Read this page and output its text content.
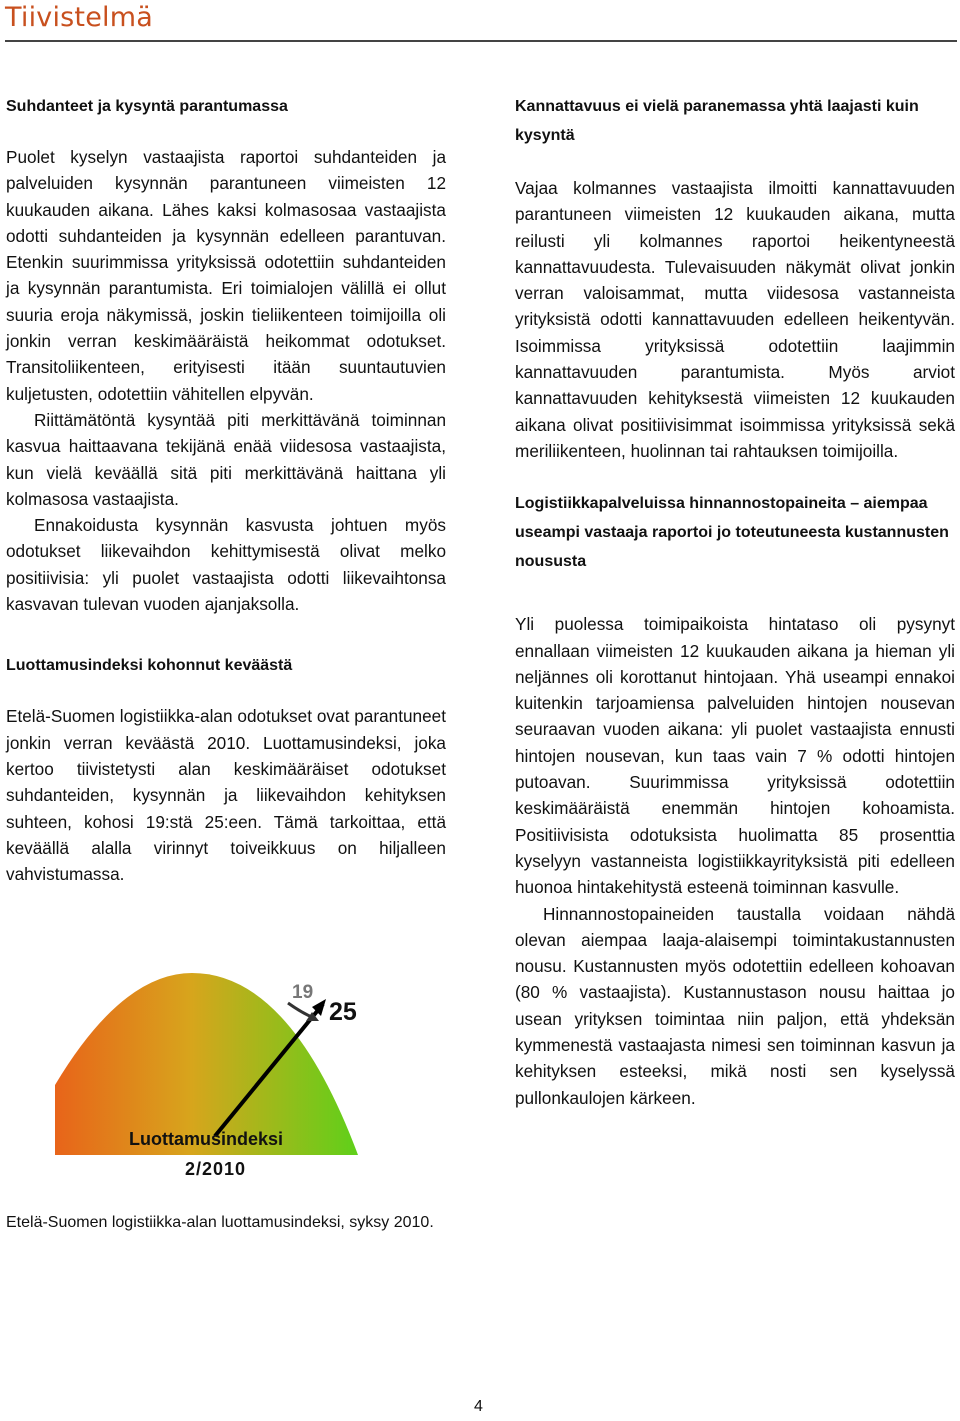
Tiivistelmä
Suhdanteet ja kysyntä parantumassa

Puolet kyselyn vastaajista raportoi suhdanteiden ja palveluiden kysynnän parantuneen viimeisten 12 kuukauden aikana. Lähes kaksi kolmasosaa vastaajista odotti suhdanteiden ja kysynnän edelleen parantuvan. Etenkin suurimmissa yrityksissä odotettiin suhdanteiden ja kysynnän parantumista. Eri toimialojen välillä ei ollut suuria eroja näkymissä, joskin tieliikenteen toimijoilla oli jonkin verran keskimääräistä heikommat odotukset. Transitoliikenteen, erityisesti itään suuntautuvien kuljetusten, odotettiin vähitellen elpyvän.

Riittämätöntä kysyntää piti merkittävänä toiminnan kasvua haittaavana tekijänä enää viidesosa vastaajista, kun vielä keväällä sitä piti merkittävänä haittana yli kolmasosa vastaajista.

Ennakoidusta kysynnän kasvusta johtuen myös odotukset liikevaihdon kehittymisestä olivat melko positiivisia: yli puolet vastaajista odotti liikevaihtonsa kasvavan tulevan vuoden ajanjaksolla.

Luottamusindeksi kohonnut keväästä

Etelä-Suomen logistiikka-alan odotukset ovat parantuneet jonkin verran keväästä 2010. Luottamusindeksi, joka kertoo tiivistetysti alan keskimääräiset odotukset suhdanteiden, kysynnän ja liikevaihdon kehityksen suhteen, kohosi 19:stä 25:een. Tämä tarkoittaa, että keväällä alalla virinnyt toiveikkuus on hiljalleen vahvistumassa.

19
25
Luottamusindeksi
2/2010
Etelä-Suomen logistiikka-alan luottamusindeksi, syksy 2010.
Kannattavuus ei vielä paranemassa yhtä laajasti kuin kysyntä

Vajaa kolmannes vastaajista ilmoitti kannattavuuden parantuneen viimeisten 12 kuukauden aikana, mutta reilusti yli kolmannes raportoi heikentyneestä kannattavuudesta. Tulevaisuuden näkymät olivat jonkin verran valoisammat, mutta viidesosa vastanneista yrityksistä odotti kannattavuuden edelleen heikentyvän. Isoimmissa yrityksissä odotettiin laajimmin kannattavuuden parantumista. Myös arviot kannattavuuden kehityksestä viimeisten 12 kuukauden aikana olivat positiivisimmat isoimmissa yrityksissä sekä meriliikenteen, huolinnan tai rahtauksen toimijoilla.

Logistiikkapalveluissa hinnannostopaineita – aiempaa useampi vastaaja raportoi jo toteutuneesta kustannusten noususta

Yli puolessa toimipaikoista hintataso oli pysynyt ennallaan viimeisten 12 kuukauden aikana ja hieman yli neljännes oli korottanut hintojaan. Yhä useampi ennakoi kuitenkin tarjoamiensa palveluiden hintojen nousevan seuraavan vuoden aikana: yli puolet vastaajista ennusti hintojen nousevan, kun taas vain 7 % odotti hintojen putoavan. Suurimmissa yrityksissä odotettiin keskimääräistä enemmän hintojen kohoamista. Positiivisista odotuksista huolimatta 85 prosenttia kyselyyn vastanneista logistiikkayrityksistä piti edelleen huonoa hintakehitystä esteenä toiminnan kasvulle.

Hinnannostopaineiden taustalla voidaan nähdä olevan aiempaa laaja-alaisempi toimintakustannusten nousu. Kustannusten myös odotettiin edelleen kohoavan (80 % vastaajista). Kustannustason nousu haittaa jo usean yrityksen toimintaa niin paljon, että yhdeksän kymmenestä vastaajasta nimesi sen toiminnan kasvun ja kehityksen esteeksi, mikä nosti sen kyselyssä pullonkaulojen kärkeen.

4
